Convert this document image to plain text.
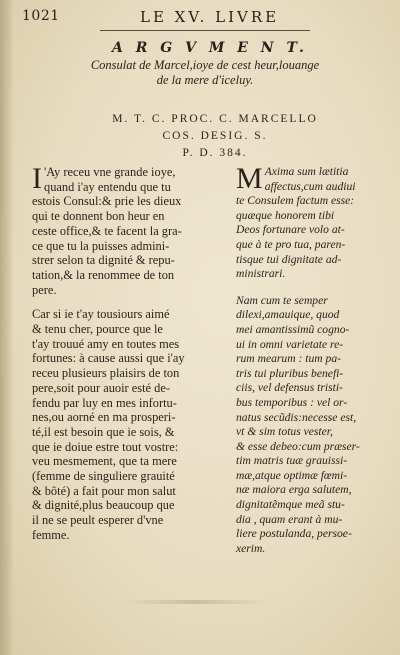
1021	LE XV. LIVRE
A R G V M E N T.
Consulat de Marcel,ioye de cest heur,louange
de la mere d'iceluy.
M. T. C. PROC. C. MARCELLO
COS. DESIG. S.
P. D. 384.
I 'Ay receu vne grande ioye,
quand i'ay entendu que tu
estois Consul:& prie les dieux
qui te donnent bon heur en
ceste office,& te facent la gra-
ce que tu la puisses admini-
strer selon ta dignité & repu-
tation,& la renommee de ton
pere.
Car si ie t'ay tousiours aimé
& tenu cher, pource que le
t'ay trouué amy en toutes mes
fortunes: à cause aussi que i'ay
receu plusieurs plaisirs de ton
pere,soit pour auoir esté de-
fendu par luy en mes infortu-
nes,ou aorné en ma prosperi-
té,il est besoin que ie sois, &
que ie doiue estre tout vostre:
veu mesmement, que ta mere
(femme de singuliere grauité
& bôté) a fait pour mon salut
& dignité,plus beaucoup que
il ne se peult esperer d'vne
femme.
M Axima sum lætitia
affectus,cum audiui
te Consulem factum esse:
quæque honorem tibi
Deos fortunare volo at-
que à te pro tua, paren-
tisque tui dignitate ad-
ministrari.
Nam cum te semper
dilexi,amauique, quod
mei amantissimũ cogno-
ui in omni varietate re-
rum mearum : tum pa-
tris tui pluribus benefi-
ciis, vel defensus tristi-
bus temporibus : vel or-
natus secũdis:necesse est,
vt & sim totus vester,
& esse debeo:cum præser-
tim matris tuæ grauissi-
mæ,atque optimæ fœmi-
næ maiora erga salutem,
dignitatẽmque meã stu-
dia , quam erant à mu-
liere postulanda, persoe-
xerim.
